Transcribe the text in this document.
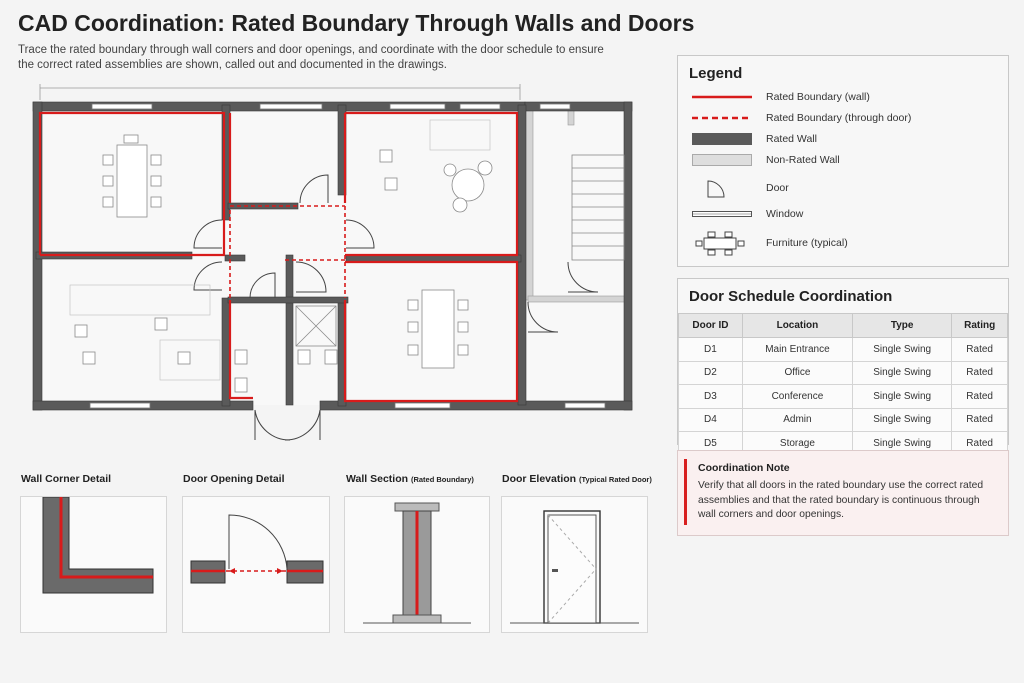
CAD Coordination: Rated Boundary Through Walls and Doors
Trace the rated boundary through wall corners and door openings, and coordinate with the door schedule to ensure the correct rated assemblies are shown, called out and documented in the drawings.	Legend
Rated Boundary (wall)
Rated Boundary (through door)
Rated Wall
Non-Rated Wall
Door
Window
Furniture (typical)
Door Schedule Coordination
Door ID	Location	Type	Rating
D1	Main Entrance	Single Swing	Rated
D2	Office	Single Swing	Rated
D3	Conference	Single Swing	Rated
D4	Admin	Single Swing	Rated
D5	Storage	Single Swing	Rated
Coordination Note
Verify that all doors in the rated boundary use the correct rated assemblies and that the rated boundary is continuous through wall corners and door openings.
Wall Corner Detail	Door Opening Detail	Wall Section (Rated Boundary)	Door Elevation (Typical Rated Door)
